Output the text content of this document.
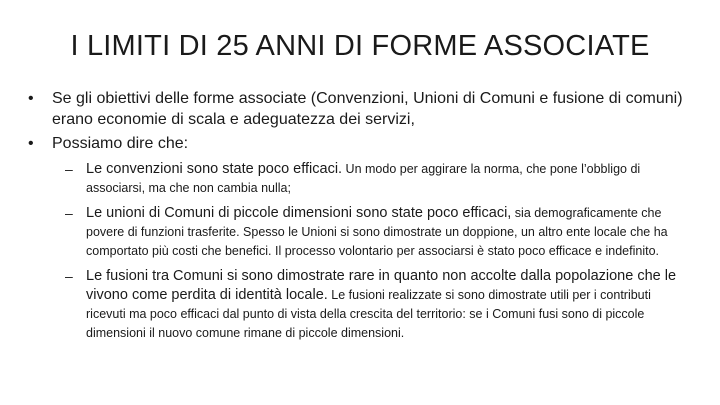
I LIMITI DI 25 ANNI DI FORME ASSOCIATE
• Se gli obiettivi delle forme associate (Convenzioni, Unioni di Comuni e fusione di comuni) erano economie di scala e adeguatezza dei servizi,
• Possiamo dire che:
– Le convenzioni sono state poco efficaci. Un modo per aggirare la norma, che pone l’obbligo di associarsi, ma che non cambia nulla;
– Le unioni di Comuni di piccole dimensioni sono state poco efficaci, sia demograficamente che povere di funzioni trasferite. Spesso le Unioni si sono dimostrate un doppione, un altro ente locale che ha comportato più costi che benefici. Il processo volontario per associarsi è stato poco efficace e indefinito.
– Le fusioni tra Comuni si sono dimostrate rare in quanto non accolte dalla popolazione che le vivono come perdita di identità locale. Le fusioni realizzate si sono dimostrate utili per i contributi ricevuti ma poco efficaci dal punto di vista della crescita del territorio: se i Comuni fusi sono di piccole dimensioni il nuovo comune rimane di piccole dimensioni.
